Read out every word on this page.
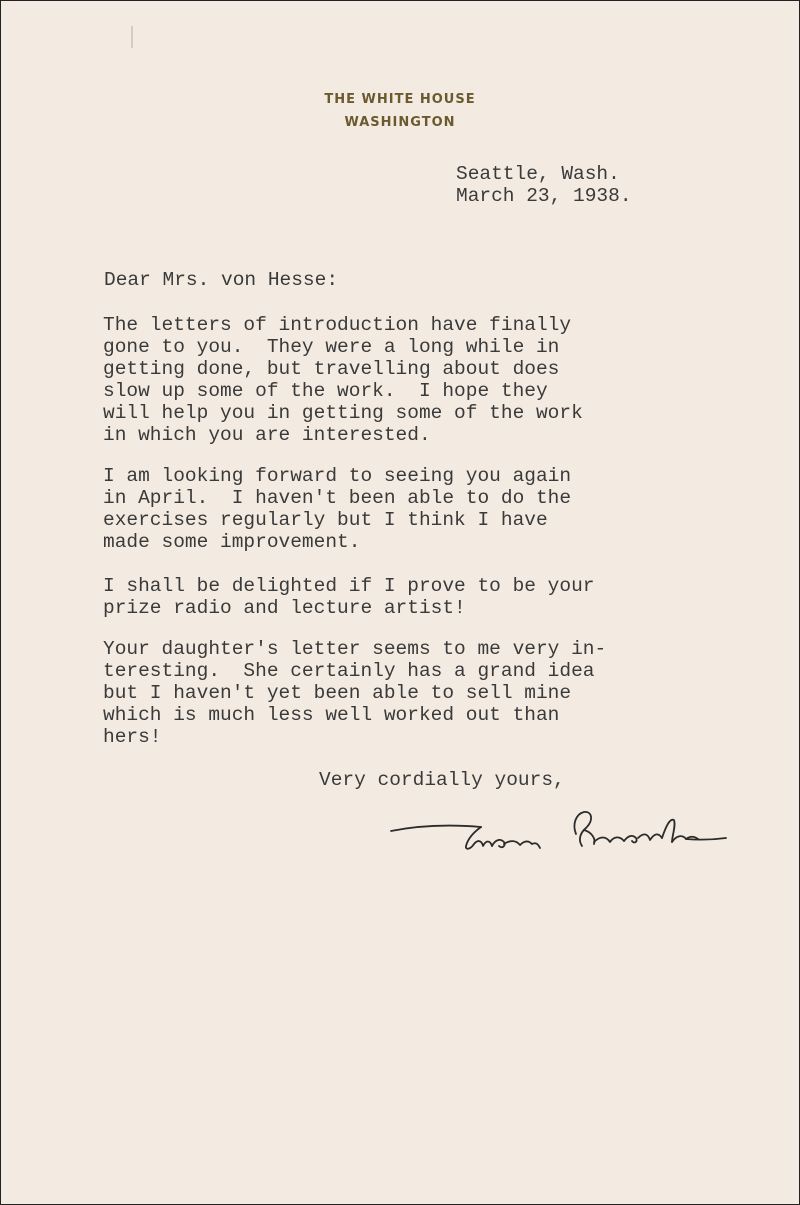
THE WHITE HOUSE
WASHINGTON
Seattle, Wash.
March 23, 1938.
Dear Mrs. von Hesse:
The letters of introduction have finally
gone to you.  They were a long while in
getting done, but travelling about does
slow up some of the work.  I hope they
will help you in getting some of the work
in which you are interested.
I am looking forward to seeing you again
in April.  I haven't been able to do the
exercises regularly but I think I have
made some improvement.
I shall be delighted if I prove to be your
prize radio and lecture artist!
Your daughter's letter seems to me very in-
teresting.  She certainly has a grand idea
but I haven't yet been able to sell mine
which is much less well worked out than
hers!
Very cordially yours,
